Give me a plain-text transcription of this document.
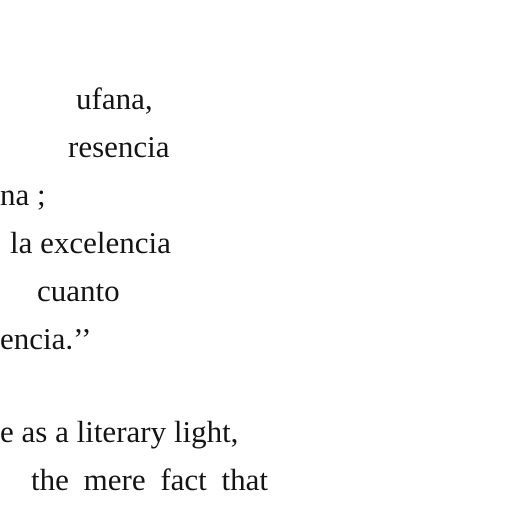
ufana,
resencia
na ;
la excelencia
cuanto
encia.’’
e as a literary light,
the mere fact that
